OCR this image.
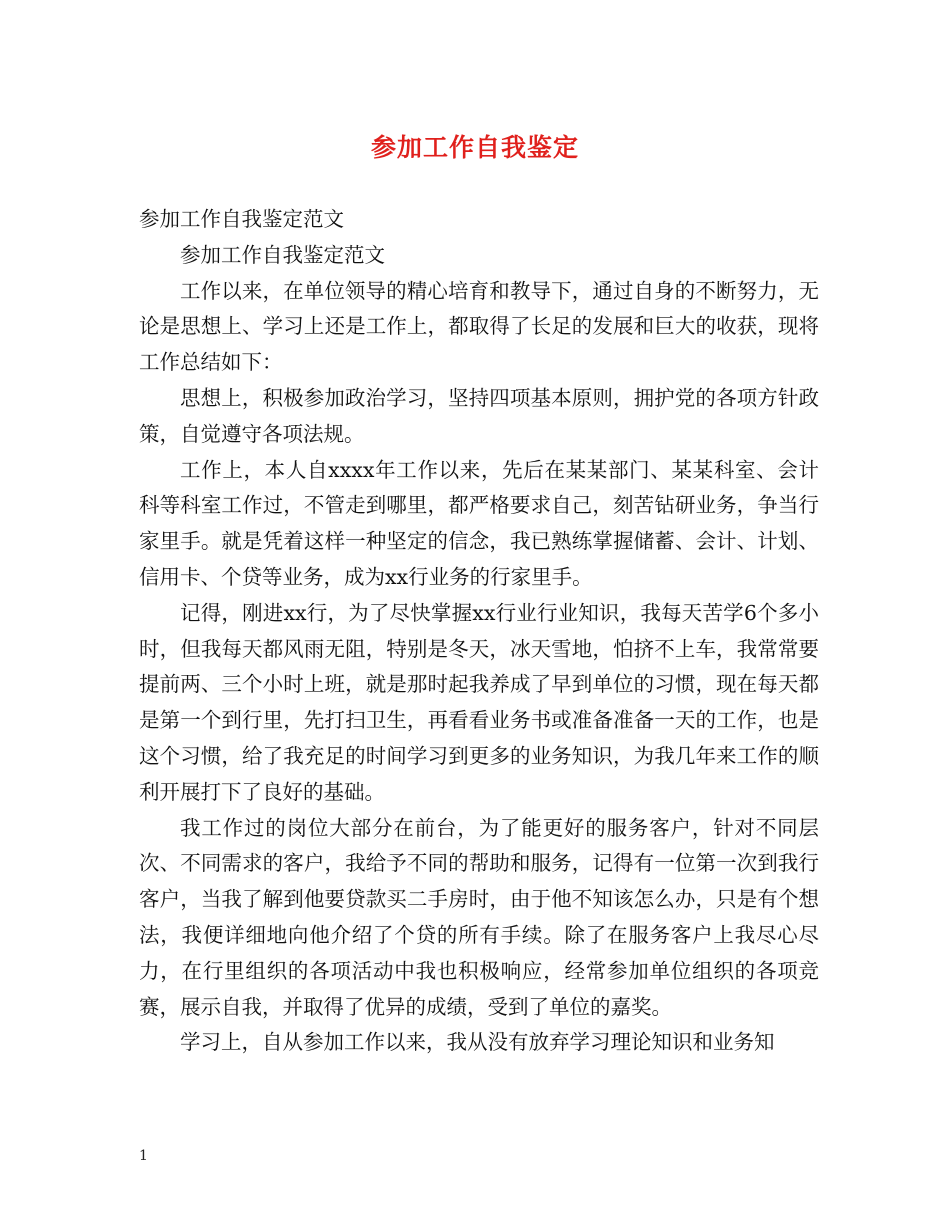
参加工作自我鉴定

参加工作自我鉴定范文

参加工作自我鉴定范文

工作以来，在单位领导的精心培育和教导下，通过自身的不断努力，无论是思想上、学习上还是工作上，都取得了长足的发展和巨大的收获，现将工作总结如下：

思想上，积极参加政治学习，坚持四项基本原则，拥护党的各项方针政策，自觉遵守各项法规。

工作上，本人自xxxx年工作以来，先后在某某部门、某某科室、会计科等科室工作过，不管走到哪里，都严格要求自己，刻苦钻研业务，争当行家里手。就是凭着这样一种坚定的信念，我已熟练掌握储蓄、会计、计划、信用卡、个贷等业务，成为xx行业务的行家里手。

记得，刚进xx行，为了尽快掌握xx行业行业知识，我每天苦学6个多小时，但我每天都风雨无阻，特别是冬天，冰天雪地，怕挤不上车，我常常要提前两、三个小时上班，就是那时起我养成了早到单位的习惯，现在每天都是第一个到行里，先打扫卫生，再看看业务书或准备准备一天的工作，也是这个习惯，给了我充足的时间学习到更多的业务知识，为我几年来工作的顺利开展打下了良好的基础。

我工作过的岗位大部分在前台，为了能更好的服务客户，针对不同层次、不同需求的客户，我给予不同的帮助和服务，记得有一位第一次到我行客户，当我了解到他要贷款买二手房时，由于他不知该怎么办，只是有个想法，我便详细地向他介绍了个贷的所有手续。除了在服务客户上我尽心尽力，在行里组织的各项活动中我也积极响应，经常参加单位组织的各项竞赛，展示自我，并取得了优异的成绩，受到了单位的嘉奖。

学习上，自从参加工作以来，我从没有放弃学习理论知识和业务知

1
